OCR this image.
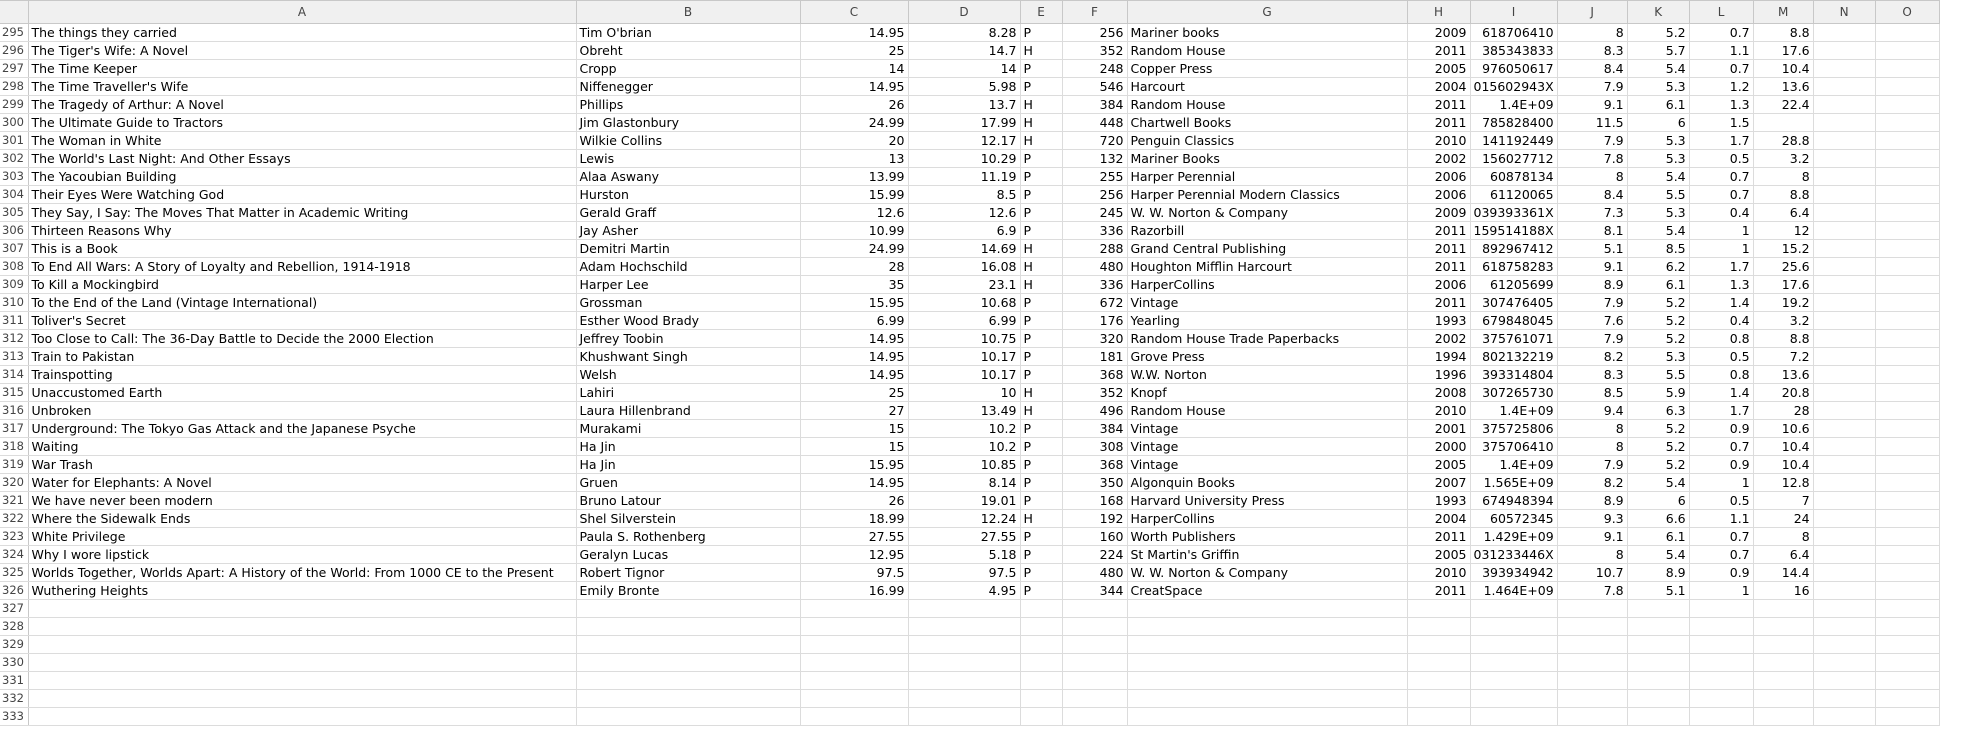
	A	B	C	D	E	F	G	H	I	J	K	L	M	N	O
295	The things they carried	Tim O'brian	14.95	8.28	P	256	Mariner books	2009	618706410	8	5.2	0.7	8.8		
296	The Tiger's Wife: A Novel	Obreht	25	14.7	H	352	Random House	2011	385343833	8.3	5.7	1.1	17.6		
297	The Time Keeper	Cropp	14	14	P	248	Copper Press	2005	976050617	8.4	5.4	0.7	10.4		
298	The Time Traveller's Wife	Niffenegger	14.95	5.98	P	546	Harcourt	2004	015602943X	7.9	5.3	1.2	13.6		
299	The Tragedy of Arthur: A Novel	Phillips	26	13.7	H	384	Random House	2011	1.4E+09	9.1	6.1	1.3	22.4		
300	The Ultimate Guide to Tractors	Jim Glastonbury	24.99	17.99	H	448	Chartwell Books	2011	785828400	11.5	6	1.5			
301	The Woman in White	Wilkie Collins	20	12.17	H	720	Penguin Classics	2010	141192449	7.9	5.3	1.7	28.8		
302	The World's Last Night: And Other Essays	Lewis	13	10.29	P	132	Mariner Books	2002	156027712	7.8	5.3	0.5	3.2		
303	The Yacoubian Building	Alaa Aswany	13.99	11.19	P	255	Harper Perennial	2006	60878134	8	5.4	0.7	8		
304	Their Eyes Were Watching God	Hurston	15.99	8.5	P	256	Harper Perennial Modern Classics	2006	61120065	8.4	5.5	0.7	8.8		
305	They Say, I Say: The Moves That Matter in Academic Writing	Gerald Graff	12.6	12.6	P	245	W. W. Norton & Company	2009	039393361X	7.3	5.3	0.4	6.4		
306	Thirteen Reasons Why	Jay Asher	10.99	6.9	P	336	Razorbill	2011	159514188X	8.1	5.4	1	12		
307	This is a Book	Demitri Martin	24.99	14.69	H	288	Grand Central Publishing	2011	892967412	5.1	8.5	1	15.2		
308	To End All Wars: A Story of Loyalty and Rebellion, 1914-1918	Adam Hochschild	28	16.08	H	480	Houghton Mifflin Harcourt	2011	618758283	9.1	6.2	1.7	25.6		
309	To Kill a Mockingbird	Harper Lee	35	23.1	H	336	HarperCollins	2006	61205699	8.9	6.1	1.3	17.6		
310	To the End of the Land (Vintage International)	Grossman	15.95	10.68	P	672	Vintage	2011	307476405	7.9	5.2	1.4	19.2		
311	Toliver's Secret	Esther Wood Brady	6.99	6.99	P	176	Yearling	1993	679848045	7.6	5.2	0.4	3.2		
312	Too Close to Call: The 36-Day Battle to Decide the 2000 Election	Jeffrey Toobin	14.95	10.75	P	320	Random House Trade Paperbacks	2002	375761071	7.9	5.2	0.8	8.8		
313	Train to Pakistan	Khushwant Singh	14.95	10.17	P	181	Grove Press	1994	802132219	8.2	5.3	0.5	7.2		
314	Trainspotting	Welsh	14.95	10.17	P	368	W.W. Norton	1996	393314804	8.3	5.5	0.8	13.6		
315	Unaccustomed Earth	Lahiri	25	10	H	352	Knopf	2008	307265730	8.5	5.9	1.4	20.8		
316	Unbroken	Laura Hillenbrand	27	13.49	H	496	Random House	2010	1.4E+09	9.4	6.3	1.7	28		
317	Underground: The Tokyo Gas Attack and the Japanese Psyche	Murakami	15	10.2	P	384	Vintage	2001	375725806	8	5.2	0.9	10.6		
318	Waiting	Ha Jin	15	10.2	P	308	Vintage	2000	375706410	8	5.2	0.7	10.4		
319	War Trash	Ha Jin	15.95	10.85	P	368	Vintage	2005	1.4E+09	7.9	5.2	0.9	10.4		
320	Water for Elephants: A Novel	Gruen	14.95	8.14	P	350	Algonquin Books	2007	1.565E+09	8.2	5.4	1	12.8		
321	We have never been modern	Bruno Latour	26	19.01	P	168	Harvard University Press	1993	674948394	8.9	6	0.5	7		
322	Where the Sidewalk Ends	Shel Silverstein	18.99	12.24	H	192	HarperCollins	2004	60572345	9.3	6.6	1.1	24		
323	White Privilege	Paula S. Rothenberg	27.55	27.55	P	160	Worth Publishers	2011	1.429E+09	9.1	6.1	0.7	8		
324	Why I wore lipstick	Geralyn Lucas	12.95	5.18	P	224	St Martin's Griffin	2005	031233446X	8	5.4	0.7	6.4		
325	Worlds Together, Worlds Apart: A History of the World: From 1000 CE to the Present	Robert Tignor	97.5	97.5	P	480	W. W. Norton & Company	2010	393934942	10.7	8.9	0.9	14.4		
326	Wuthering Heights	Emily Bronte	16.99	4.95	P	344	CreatSpace	2011	1.464E+09	7.8	5.1	1	16		
327															
328															
329															
330															
331															
332															
333															
